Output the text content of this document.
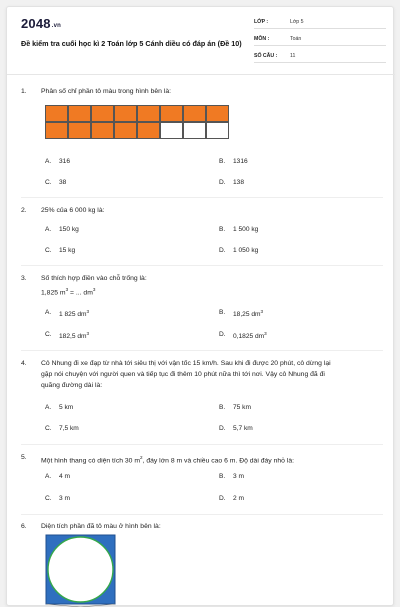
2048.vn
Đề kiểm tra cuối học kì 2 Toán lớp 5 Cánh diều có đáp án (Đề 10)
LỚP :	Lớp 5
MÔN :	Toán
SỐ CÂU : 11
1.	Phân số chỉ phần tô màu trong hình bên là:
A. 316	B. 1316
C. 38	D. 138
2.	25% của 6 000 kg là:
A. 150 kg	B. 1 500 kg
C. 15 kg	D. 1 050 kg
3.	Số thích hợp điền vào chỗ trống là:
1,825 $m^3$ = ... $dm^3$
A. 1 825 $dm^3$	B. 18,25 $dm^3$
C. 182,5 $dm^3$	D. 0,1825 $dm^3$
4.	Cô Nhung đi xe đạp từ nhà tới siêu thị với vận tốc 15 km/h. Sau khi đi được 20 phút, cô dừng lại
gặp nói chuyện với người quen và tiếp tục đi thêm 10 phút nữa thì tới nơi. Vậy cô Nhung đã đi
quãng đường dài là:
A. 5 km	B. 75 km
C. 7,5 km	D. 5,7 km
5.	Một hình thang có diện tích 30 $m^2$, đáy lớn 8 m và chiều cao 6 m. Độ dài đáy nhỏ là:
A. 4 m	B. 3 m
C. 3 m	D. 2 m
6.	Diện tích phần đã tô màu ở hình bên là:
